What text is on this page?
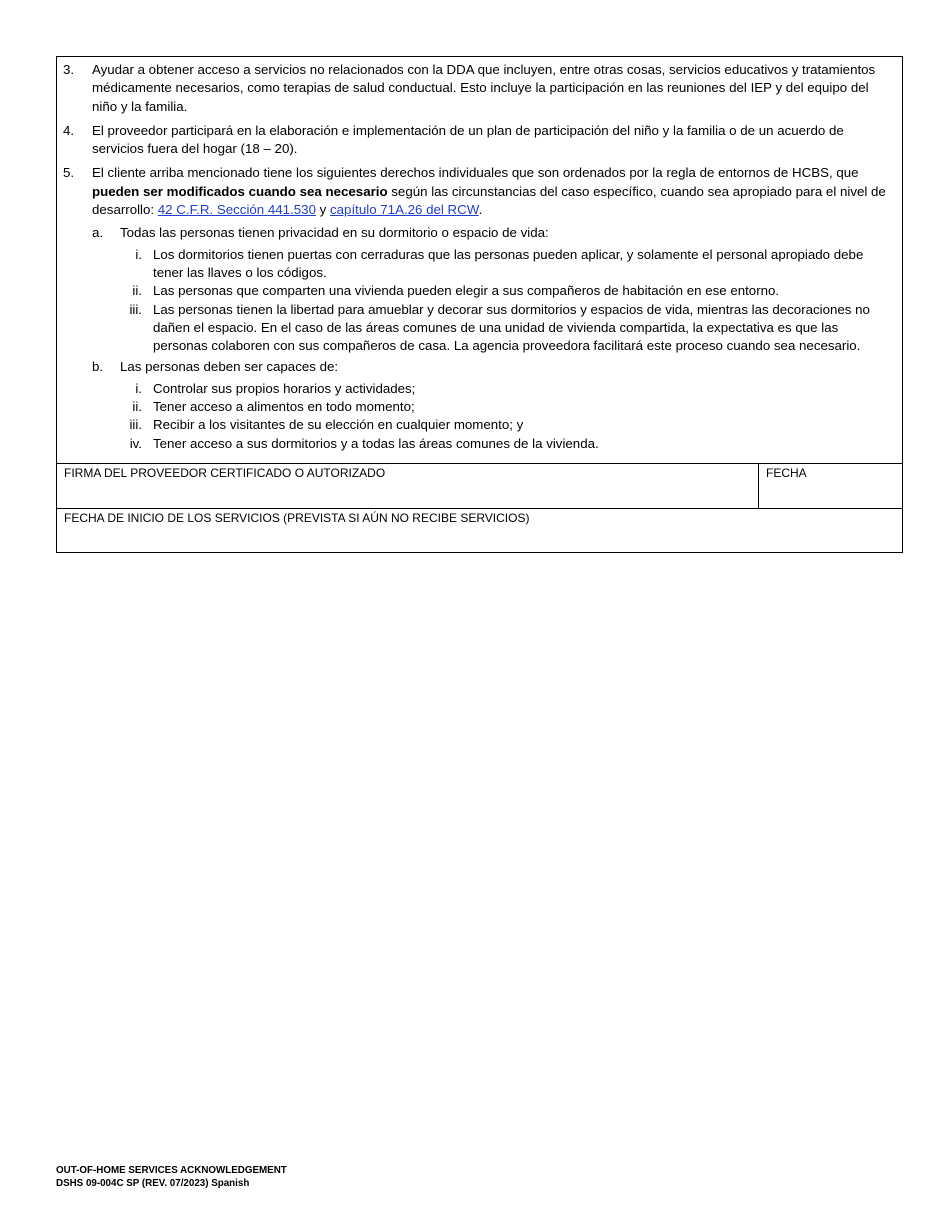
3.	Ayudar a obtener acceso a servicios no relacionados con la DDA que incluyen, entre otras cosas, servicios educativos y tratamientos médicamente necesarios, como terapias de salud conductual. Esto incluye la participación en las reuniones del IEP y del equipo del niño y la familia.
4.	El proveedor participará en la elaboración e implementación de un plan de participación del niño y la familia o de un acuerdo de servicios fuera del hogar (18 – 20).
5.	El cliente arriba mencionado tiene los siguientes derechos individuales que son ordenados por la regla de entornos de HCBS, que pueden ser modificados cuando sea necesario según las circunstancias del caso específico, cuando sea apropiado para el nivel de desarrollo: 42 C.F.R. Sección 441.530 y capítulo 71A.26 del RCW.
a.	Todas las personas tienen privacidad en su dormitorio o espacio de vida:
i. Los dormitorios tienen puertas con cerraduras que las personas pueden aplicar, y solamente el personal apropiado debe tener las llaves o los códigos.
ii. Las personas que comparten una vivienda pueden elegir a sus compañeros de habitación en ese entorno.
iii. Las personas tienen la libertad para amueblar y decorar sus dormitorios y espacios de vida, mientras las decoraciones no dañen el espacio. En el caso de las áreas comunes de una unidad de vivienda compartida, la expectativa es que las personas colaboren con sus compañeros de casa. La agencia proveedora facilitará este proceso cuando sea necesario.
b.	Las personas deben ser capaces de:
i. Controlar sus propios horarios y actividades;
ii. Tener acceso a alimentos en todo momento;
iii. Recibir a los visitantes de su elección en cualquier momento; y
iv. Tener acceso a sus dormitorios y a todas las áreas comunes de la vivienda.
FIRMA DEL PROVEEDOR CERTIFICADO O AUTORIZADO	FECHA
FECHA DE INICIO DE LOS SERVICIOS (PREVISTA SI AÚN NO RECIBE SERVICIOS)
OUT-OF-HOME SERVICES ACKNOWLEDGEMENT
DSHS 09-004C SP (REV. 07/2023) Spanish
